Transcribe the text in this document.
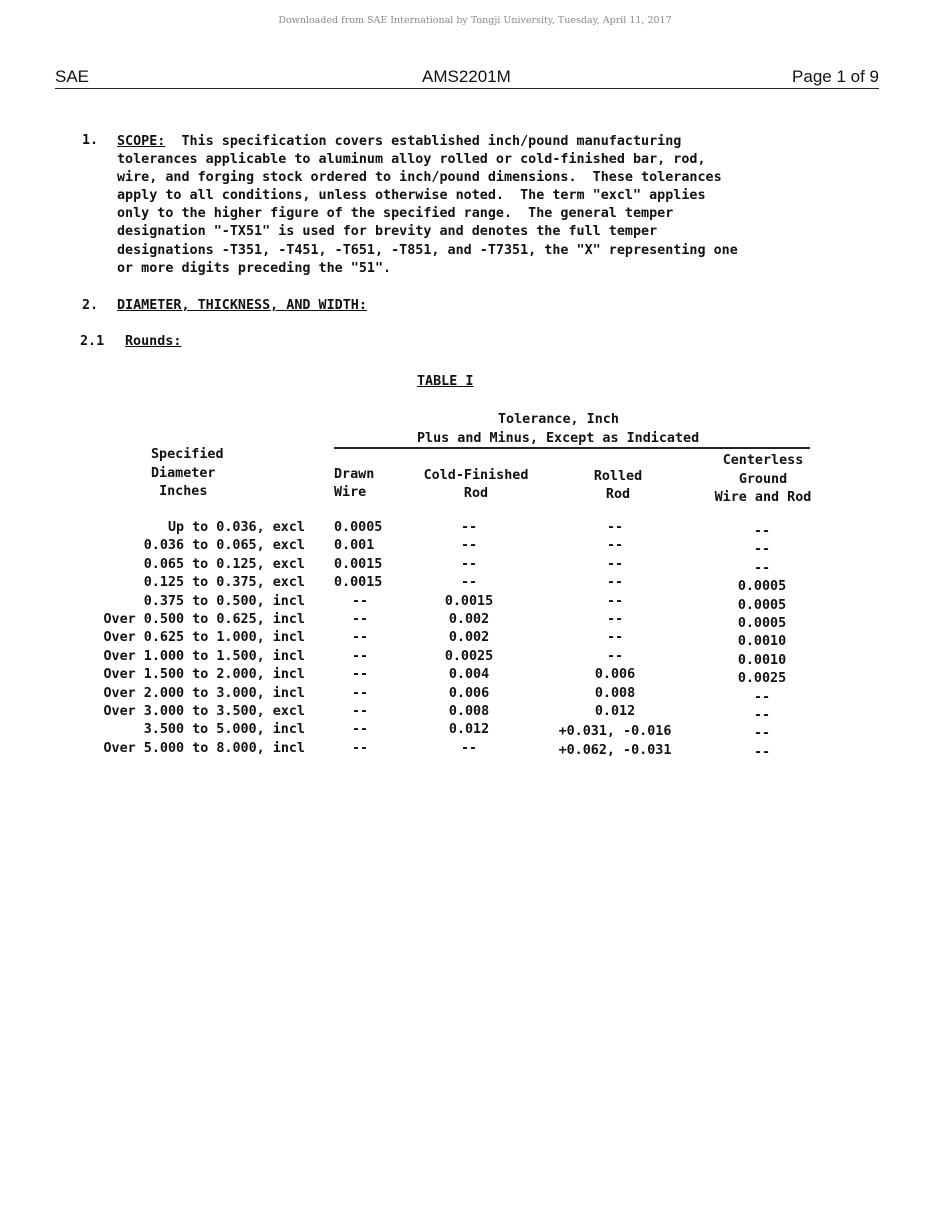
Downloaded from SAE International by Tongji University, Tuesday, April 11, 2017
SAE	AMS2201M	Page 1 of 9
1. SCOPE: This specification covers established inch/pound manufacturing
tolerances applicable to aluminum alloy rolled or cold-finished bar, rod,
wire, and forging stock ordered to inch/pound dimensions.  These tolerances
apply to all conditions, unless otherwise noted.  The term "excl" applies
only to the higher figure of the specified range.  The general temper
designation "-TX51" is used for brevity and denotes the full temper
designations -T351, -T451, -T651, -T851, and -T7351, the "X" representing one
or more digits preceding the "51".
2. DIAMETER, THICKNESS, AND WIDTH:
2.1 Rounds:
TABLE I
Tolerance, Inch
Plus and Minus, Except as Indicated
Specified
Diameter
Inches
Drawn
Wire
Cold-Finished
Rod
Rolled
Rod
Centerless
Ground
Wire and Rod
Up to 0.036, excl 0.0005	--	--	--
0.036 to 0.065, excl 0.001	--	--	--
0.065 to 0.125, excl 0.0015	--	--	--
0.125 to 0.375, excl 0.0015	--	--	0.0005
0.375 to 0.500, incl	--	0.0015	--	0.0005
Over 0.500 to 0.625, incl	--	0.002	--	0.0005
Over 0.625 to 1.000, incl	--	0.002	--	0.0010
Over 1.000 to 1.500, incl	--	0.0025	--	0.0010
Over 1.500 to 2.000, incl	--	0.004	0.006	0.0025
Over 2.000 to 3.000, incl	--	0.006	0.008	--
Over 3.000 to 3.500, excl	--	0.008	0.012	--
3.500 to 5.000, incl	--	0.012	+0.031, -0.016	--
Over 5.000 to 8.000, incl	--	--	+0.062, -0.031	--
